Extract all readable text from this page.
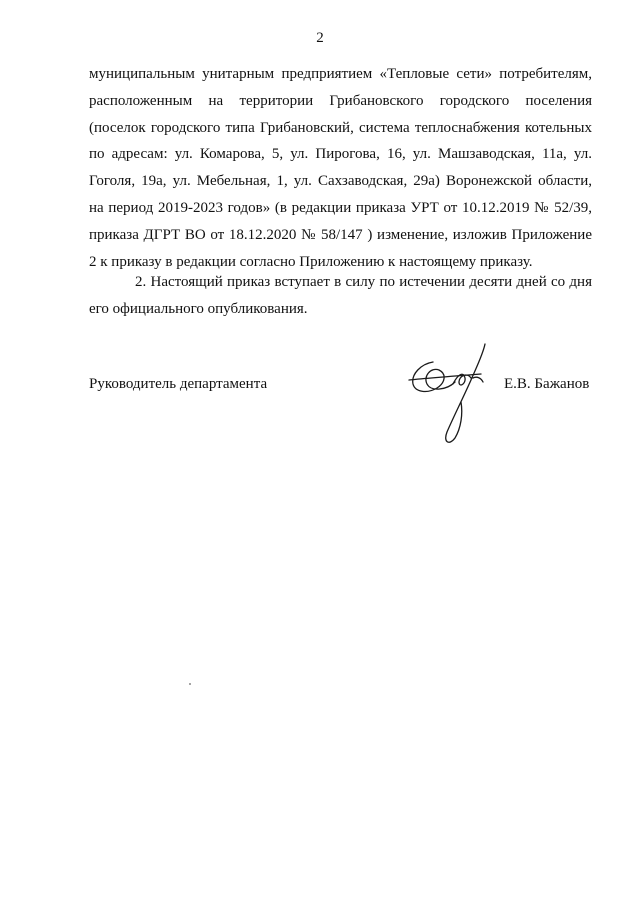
2
муниципальным унитарным предприятием «Тепловые сети» потребителям,
расположенным на территории Грибановского городского поселения
(поселок городского типа Грибановский, система теплоснабжения котельных
по адресам: ул. Комарова, 5, ул. Пирогова, 16, ул. Машзаводская, 11а, ул.
Гоголя, 19а, ул. Мебельная, 1, ул. Сахзаводская, 29а) Воронежской области,
на период 2019-2023 годов» (в редакции приказа УРТ от 10.12.2019 № 52/39,
приказа ДГРТ ВО от 18.12.2020 № 58/147 ) изменение, изложив Приложение
2 к приказу в редакции согласно Приложению к настоящему приказу.
2. Настоящий приказ вступает в силу по истечении десяти дней со дня
его официального опубликования.
Руководитель департамента	Е.В. Бажанов
